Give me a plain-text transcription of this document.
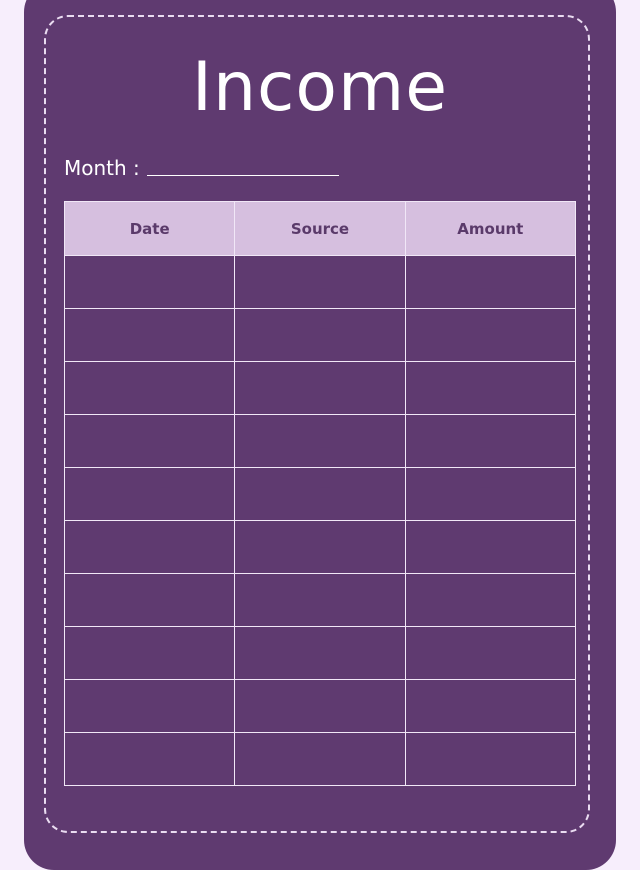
Income
Month :
Date	Source	Amount
